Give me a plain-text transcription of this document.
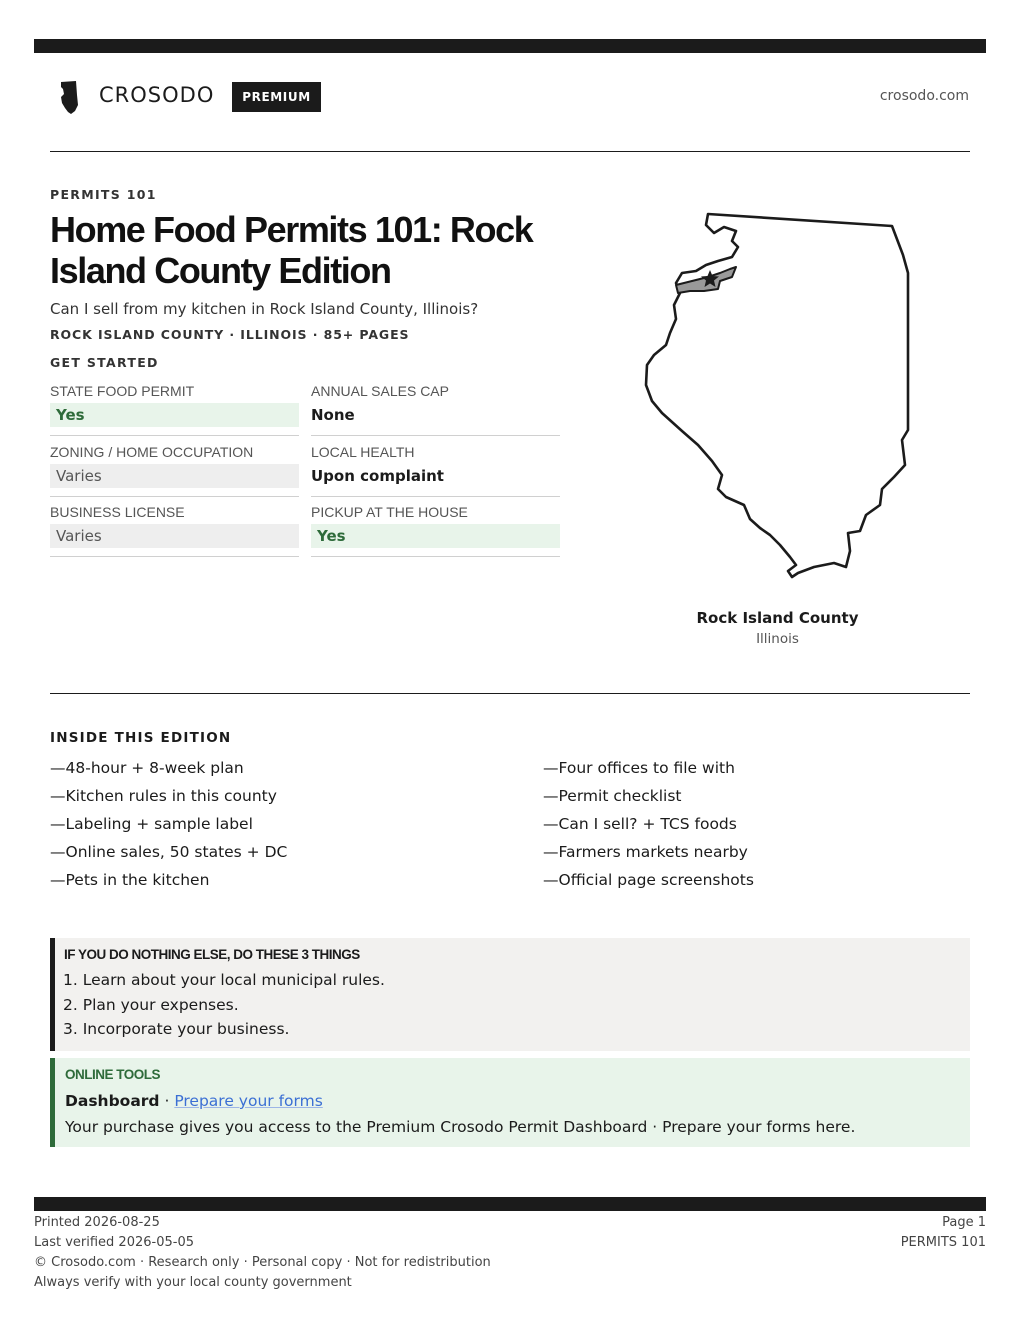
CROSODO	PREMIUM	crosodo.com
PERMITS 101
Home Food Permits 101: Rock Island County Edition
Can I sell from my kitchen in Rock Island County, Illinois?
ROCK ISLAND COUNTY · ILLINOIS · 85+ PAGES
GET STARTED
STATE FOOD PERMIT
Yes
ANNUAL SALES CAP
None
ZONING / HOME OCCUPATION
Varies
LOCAL HEALTH
Upon complaint
BUSINESS LICENSE
Varies
PICKUP AT THE HOUSE
Yes
Rock Island County
Illinois
INSIDE THIS EDITION
—48-hour + 8-week plan
—Kitchen rules in this county
—Labeling + sample label
—Online sales, 50 states + DC
—Pets in the kitchen
—Four offices to file with
—Permit checklist
—Can I sell? + TCS foods
—Farmers markets nearby
—Official page screenshots
IF YOU DO NOTHING ELSE, DO THESE 3 THINGS
1. Learn about your local municipal rules.
2. Plan your expenses.
3. Incorporate your business.
ONLINE TOOLS
Dashboard · Prepare your forms
Your purchase gives you access to the Premium Crosodo Permit Dashboard · Prepare your forms here.
Printed 2026-08-25
Last verified 2026-05-05
© Crosodo.com · Research only · Personal copy · Not for redistribution
Always verify with your local county government
Page 1
PERMITS 101
